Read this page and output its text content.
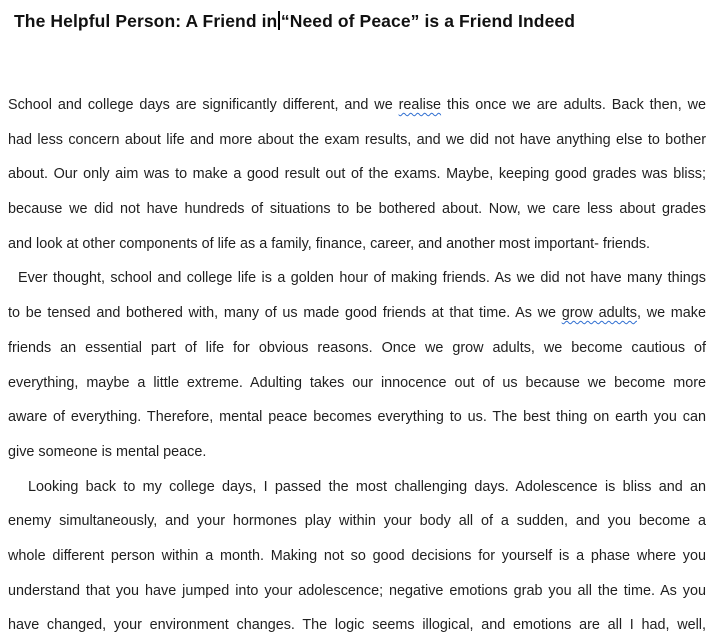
The Helpful Person: A Friend in “Need of Peace” is a Friend Indeed
School and college days are significantly different, and we realise this once we are adults. Back then, we
had less concern about life and more about the exam results, and we did not have anything else to bother
about. Our only aim was to make a good result out of the exams. Maybe, keeping good grades was bliss;
because we did not have hundreds of situations to be bothered about. Now, we care less about grades
and look at other components of life as a family, finance, career, and another most important- friends.
Ever thought, school and college life is a golden hour of making friends. As we did not have many things
to be tensed and bothered with, many of us made good friends at that time. As we grow adults, we make
friends an essential part of life for obvious reasons. Once we grow adults, we become cautious of
everything, maybe a little extreme. Adulting takes our innocence out of us because we become more
aware of everything. Therefore, mental peace becomes everything to us. The best thing on earth you can
give someone is mental peace.
Looking back to my college days, I passed the most challenging days. Adolescence is bliss and an
enemy simultaneously, and your hormones play within your body all of a sudden, and you become a
whole different person within a month. Making not so good decisions for yourself is a phase where you
understand that you have jumped into your adolescence; negative emotions grab you all the time. As you
have changed, your environment changes. The logic seems illogical, and emotions are all I had, well,
